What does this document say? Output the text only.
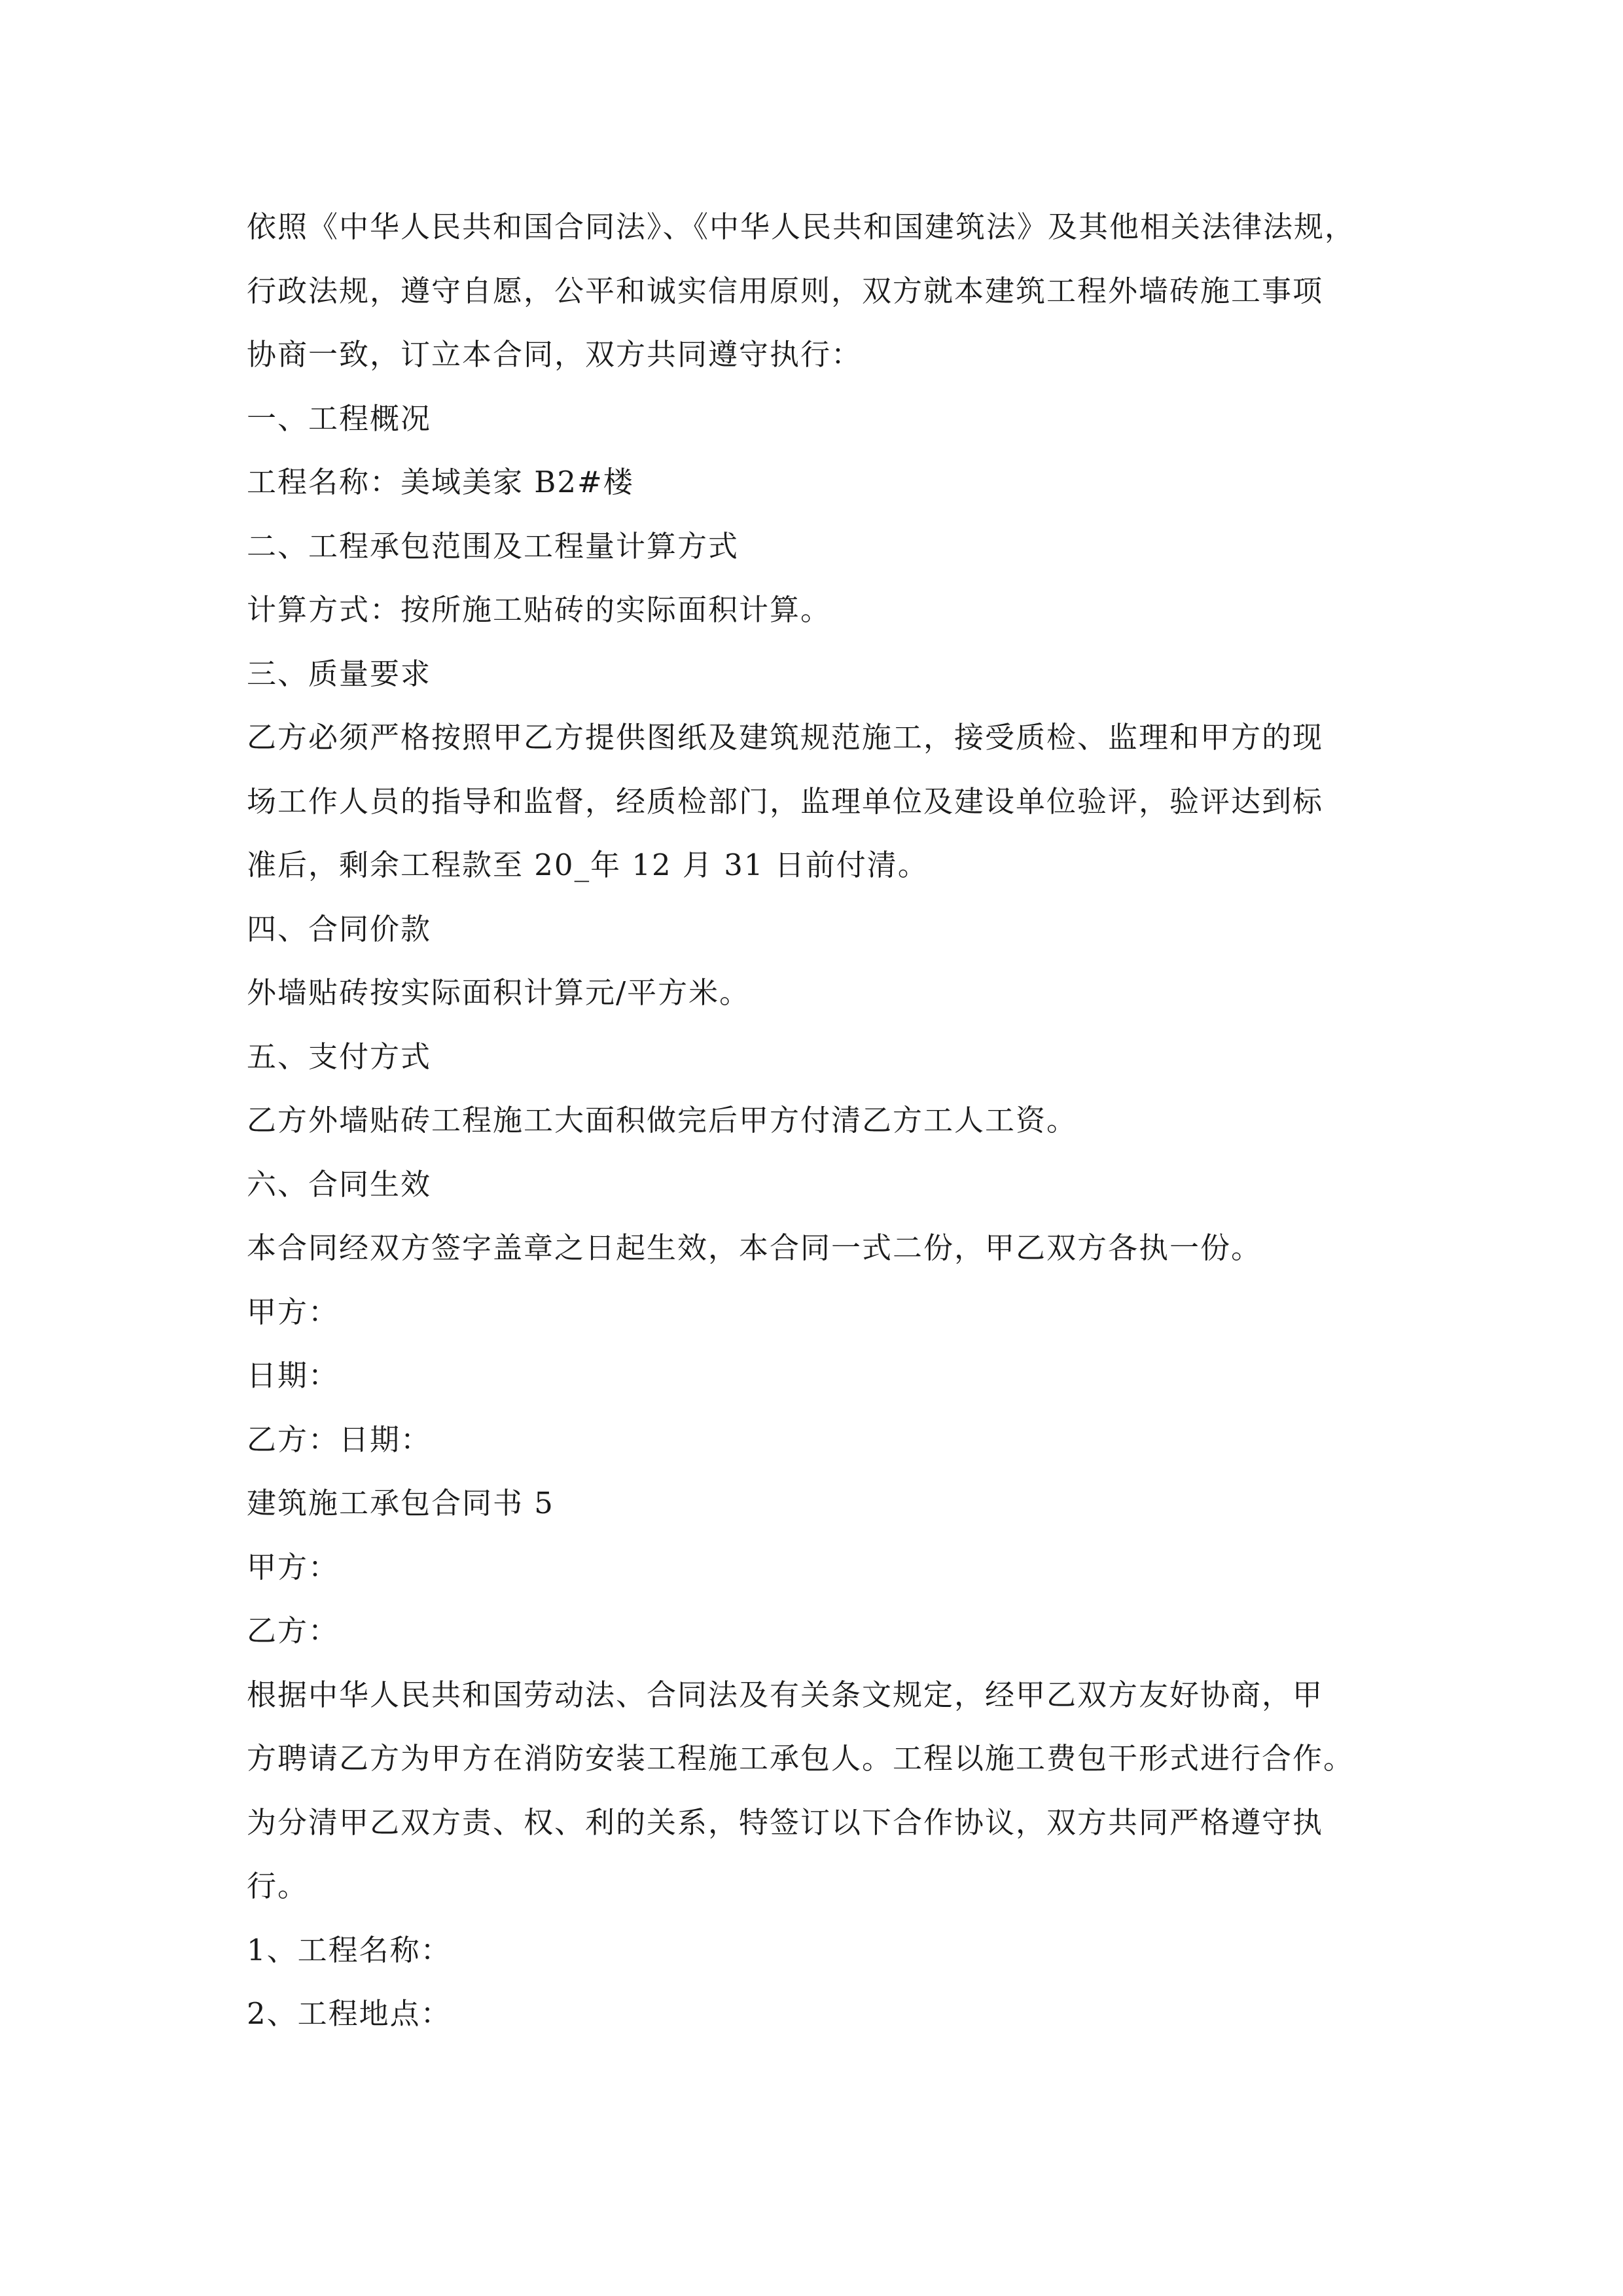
依照《中华人民共和国合同法》、《中华人民共和国建筑法》及其他相关法律法规，
行政法规，遵守自愿，公平和诚实信用原则，双方就本建筑工程外墙砖施工事项
协商一致，订立本合同，双方共同遵守执行：
一、工程概况
工程名称：美域美家 B2#楼
二、工程承包范围及工程量计算方式
计算方式：按所施工贴砖的实际面积计算。
三、质量要求
乙方必须严格按照甲乙方提供图纸及建筑规范施工，接受质检、监理和甲方的现
场工作人员的指导和监督，经质检部门，监理单位及建设单位验评，验评达到标
准后，剩余工程款至 20_年 12 月 31 日前付清。
四、合同价款
外墙贴砖按实际面积计算元/平方米。
五、支付方式
乙方外墙贴砖工程施工大面积做完后甲方付清乙方工人工资。
六、合同生效
本合同经双方签字盖章之日起生效，本合同一式二份，甲乙双方各执一份。
甲方：
日期：
乙方：日期：
建筑施工承包合同书 5
甲方：
乙方：
根据中华人民共和国劳动法、合同法及有关条文规定，经甲乙双方友好协商，甲
方聘请乙方为甲方在消防安装工程施工承包人。工程以施工费包干形式进行合作。
为分清甲乙双方责、权、利的关系，特签订以下合作协议，双方共同严格遵守执
行。
1、工程名称：
2、工程地点：
